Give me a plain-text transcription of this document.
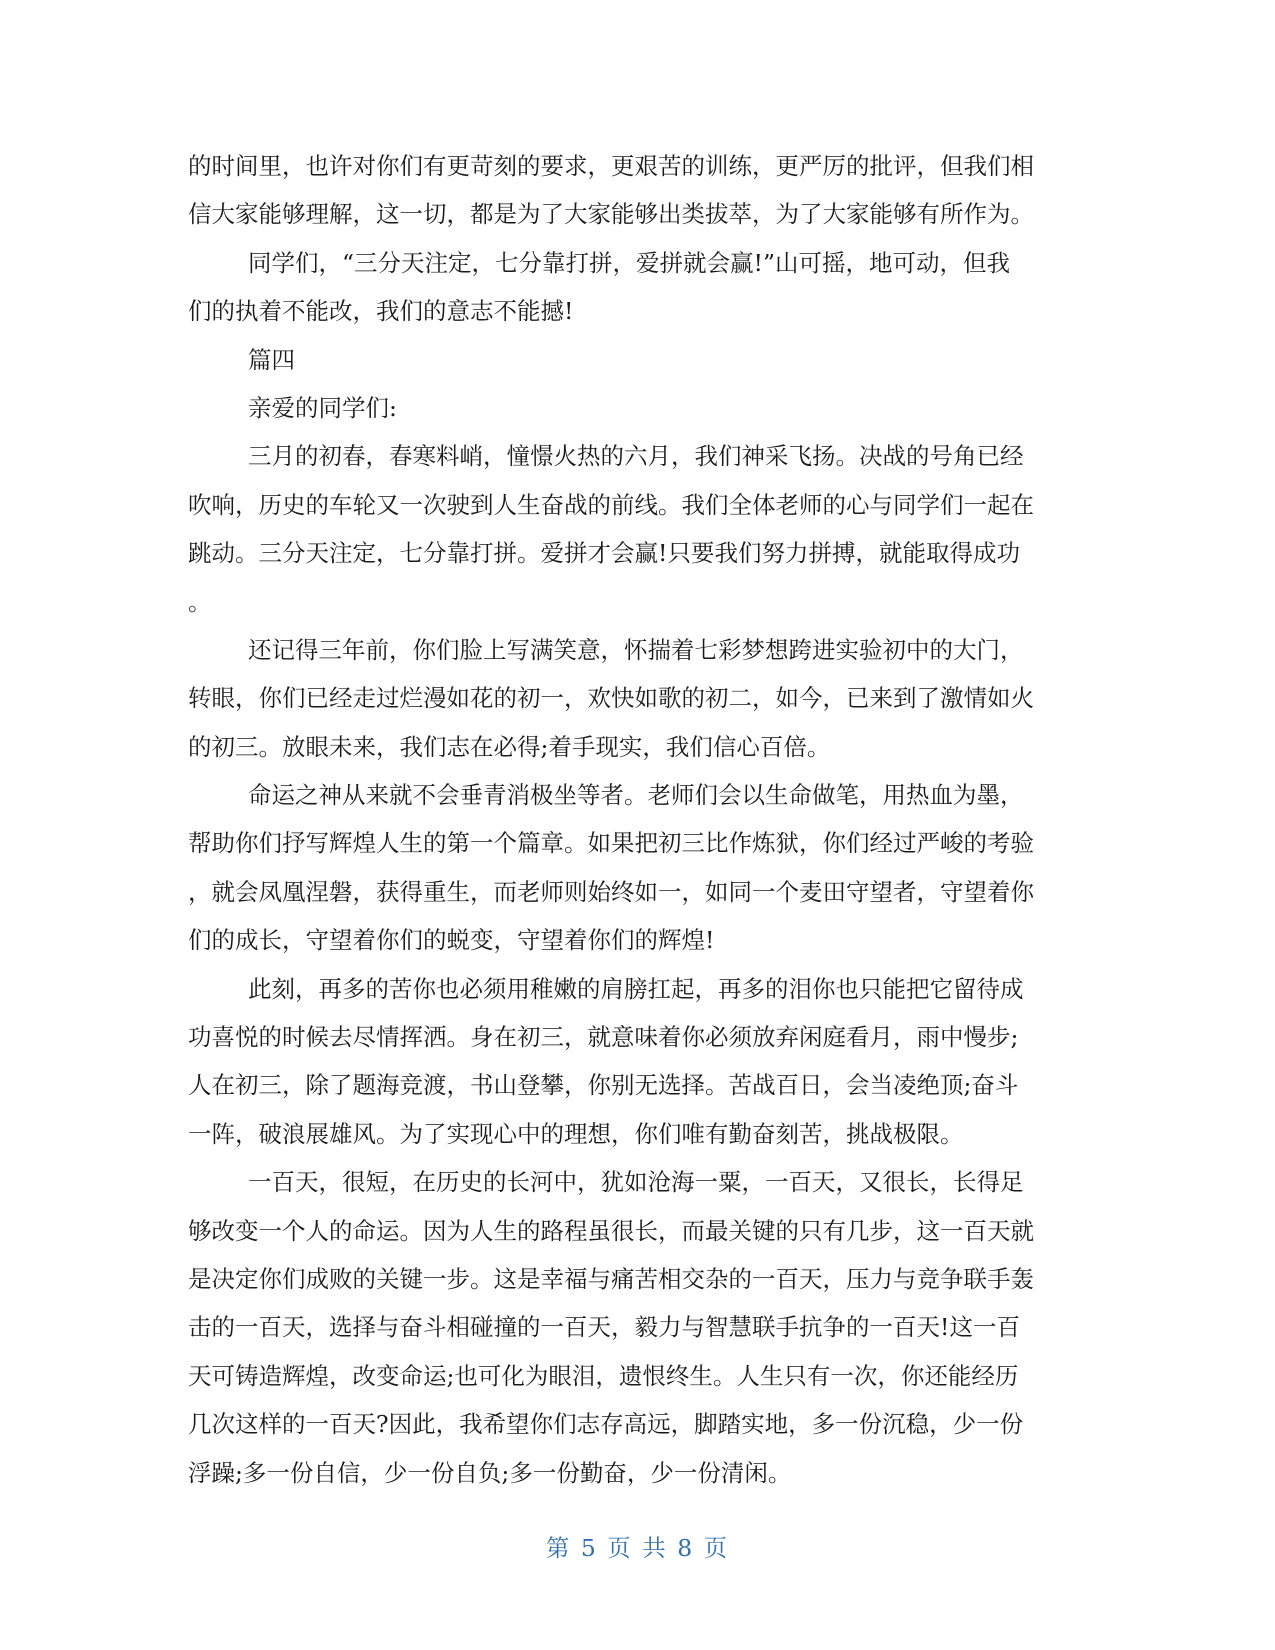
的时间里，也许对你们有更苛刻的要求，更艰苦的训练，更严厉的批评，但我们相
信大家能够理解，这一切，都是为了大家能够出类拔萃，为了大家能够有所作为。
同学们，“三分天注定，七分靠打拼，爱拼就会赢!”山可摇，地可动，但我
们的执着不能改，我们的意志不能撼!
篇四
亲爱的同学们:
三月的初春，春寒料峭，憧憬火热的六月，我们神采飞扬。决战的号角已经
吹响，历史的车轮又一次驶到人生奋战的前线。我们全体老师的心与同学们一起在
跳动。三分天注定，七分靠打拼。爱拼才会赢!只要我们努力拼搏，就能取得成功
。
还记得三年前，你们脸上写满笑意，怀揣着七彩梦想跨进实验初中的大门，
转眼，你们已经走过烂漫如花的初一，欢快如歌的初二，如今，已来到了激情如火
的初三。放眼未来，我们志在必得;着手现实，我们信心百倍。
命运之神从来就不会垂青消极坐等者。老师们会以生命做笔，用热血为墨，
帮助你们抒写辉煌人生的第一个篇章。如果把初三比作炼狱，你们经过严峻的考验
，就会凤凰涅磐，获得重生，而老师则始终如一，如同一个麦田守望者，守望着你
们的成长，守望着你们的蜕变，守望着你们的辉煌!
此刻，再多的苦你也必须用稚嫩的肩膀扛起，再多的泪你也只能把它留待成
功喜悦的时候去尽情挥洒。身在初三，就意味着你必须放弃闲庭看月，雨中慢步;
人在初三，除了题海竞渡，书山登攀，你别无选择。苦战百日，会当凌绝顶;奋斗
一阵，破浪展雄风。为了实现心中的理想，你们唯有勤奋刻苦，挑战极限。
一百天，很短，在历史的长河中，犹如沧海一粟，一百天，又很长，长得足
够改变一个人的命运。因为人生的路程虽很长，而最关键的只有几步，这一百天就
是决定你们成败的关键一步。这是幸福与痛苦相交杂的一百天，压力与竞争联手轰
击的一百天，选择与奋斗相碰撞的一百天，毅力与智慧联手抗争的一百天!这一百
天可铸造辉煌，改变命运;也可化为眼泪，遗恨终生。人生只有一次，你还能经历
几次这样的一百天?因此，我希望你们志存高远，脚踏实地，多一份沉稳，少一份
浮躁;多一份自信，少一份自负;多一份勤奋，少一份清闲。
第 5 页 共 8 页
